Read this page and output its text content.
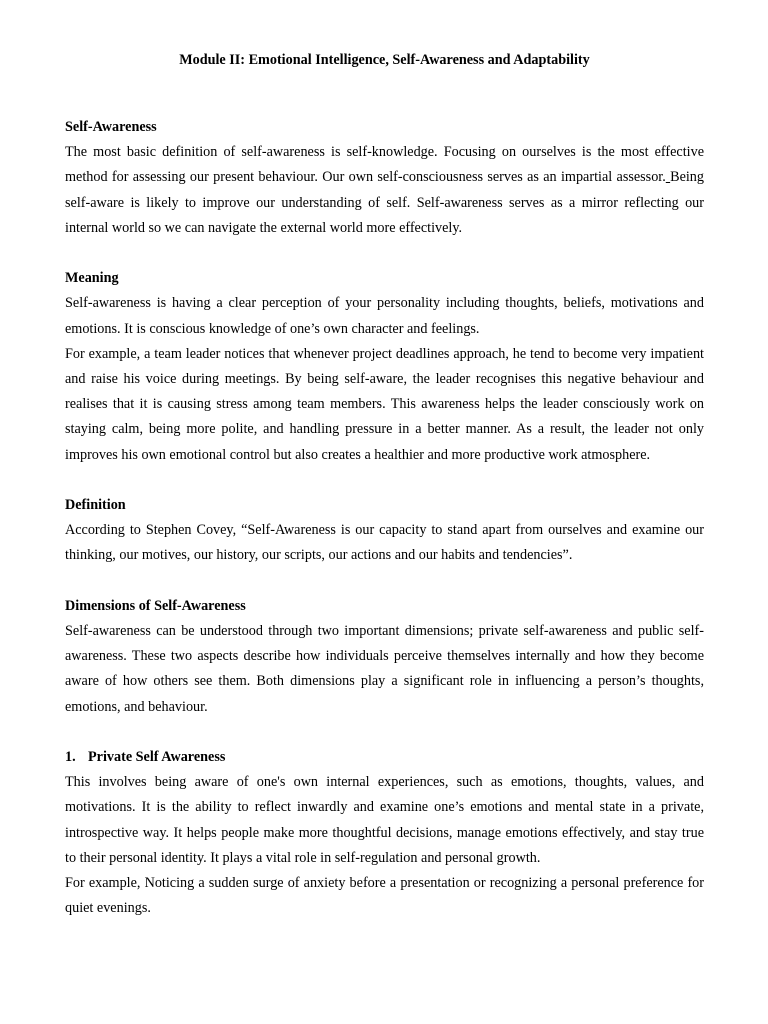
Module II: Emotional Intelligence, Self-Awareness and Adaptability

Self-Awareness

The most basic definition of self-awareness is self-knowledge. Focusing on ourselves is the most effective method for assessing our present behaviour. Our own self-consciousness serves as an impartial assessor. Being self-aware is likely to improve our understanding of self. Self-awareness serves as a mirror reflecting our internal world so we can navigate the external world more effectively.

Meaning

Self-awareness is having a clear perception of your personality including thoughts, beliefs, motivations and emotions. It is conscious knowledge of one’s own character and feelings.

For example, a team leader notices that whenever project deadlines approach, he tend to become very impatient and raise his voice during meetings. By being self-aware, the leader recognises this negative behaviour and realises that it is causing stress among team members. This awareness helps the leader consciously work on staying calm, being more polite, and handling pressure in a better manner. As a result, the leader not only improves his own emotional control but also creates a healthier and more productive work atmosphere.

Definition

According to Stephen Covey, “Self-Awareness is our capacity to stand apart from ourselves and examine our thinking, our motives, our history, our scripts, our actions and our habits and tendencies”.

Dimensions of Self-Awareness

Self-awareness can be understood through two important dimensions; private self-awareness and public self-awareness. These two aspects describe how individuals perceive themselves internally and how they become aware of how others see them. Both dimensions play a significant role in influencing a person’s thoughts, emotions, and behaviour.

1. Private Self Awareness

This involves being aware of one's own internal experiences, such as emotions, thoughts, values, and motivations. It is the ability to reflect inwardly and examine one’s emotions and mental state in a private, introspective way. It helps people make more thoughtful decisions, manage emotions effectively, and stay true to their personal identity. It plays a vital role in self-regulation and personal growth.

For example, Noticing a sudden surge of anxiety before a presentation or recognizing a personal preference for quiet evenings.
